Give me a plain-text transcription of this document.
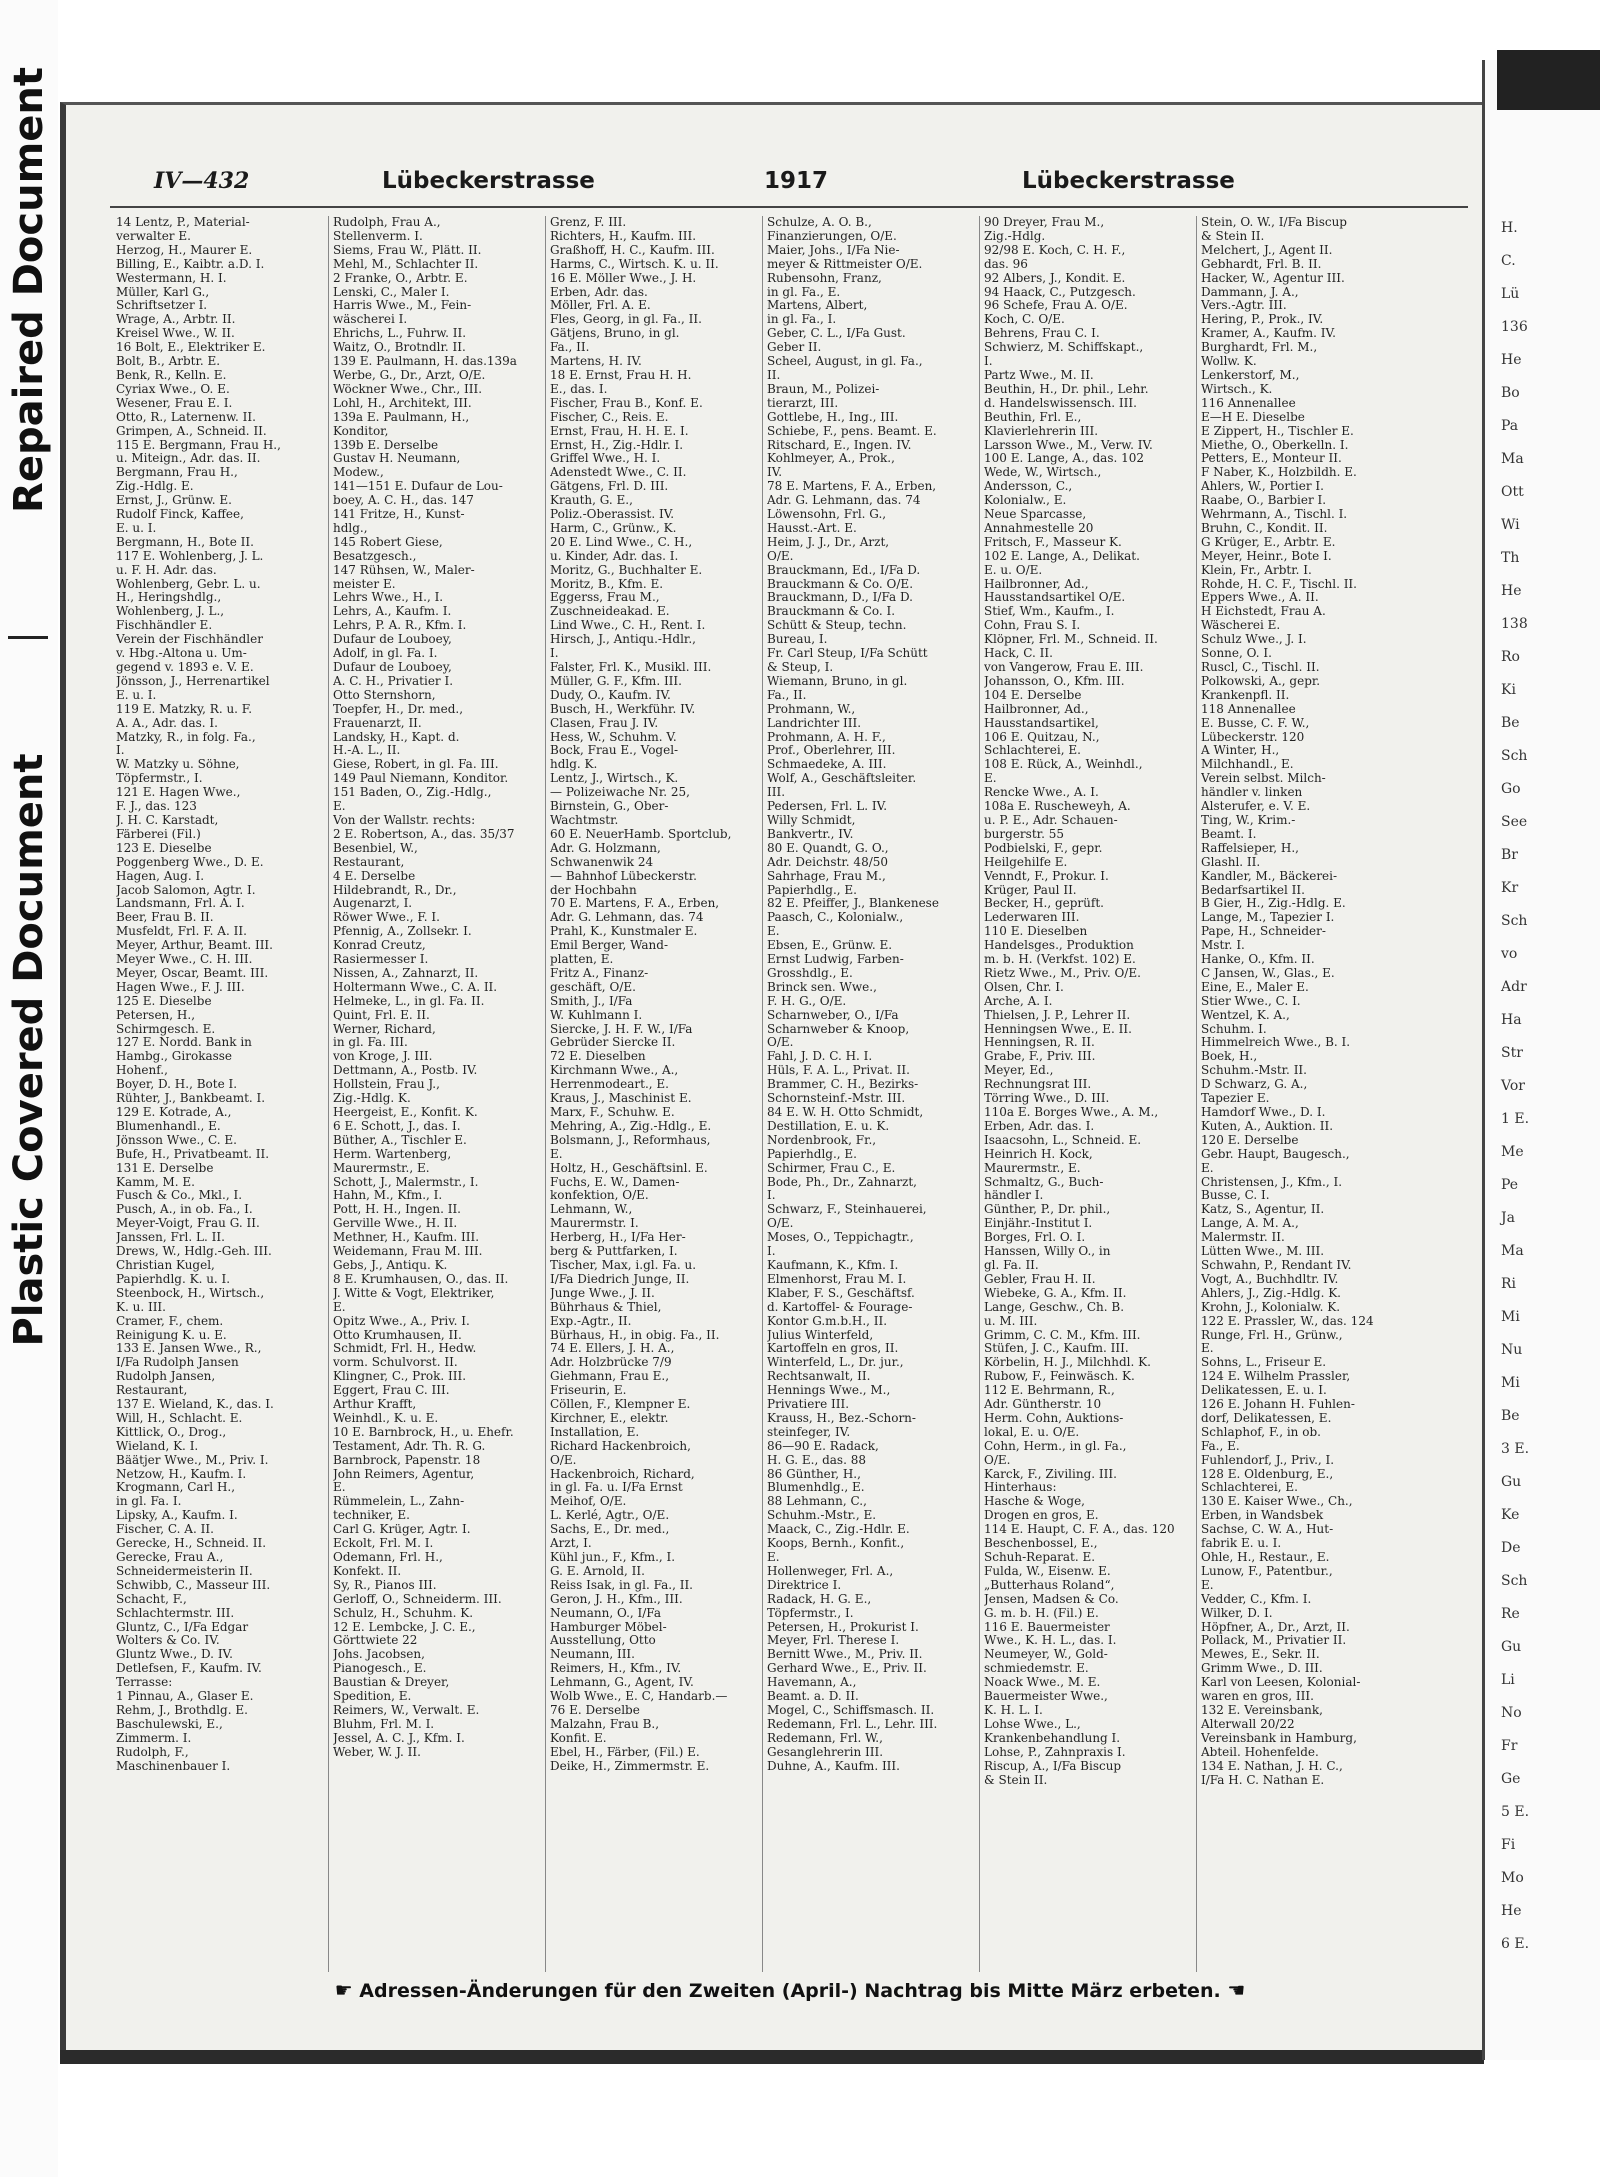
Repaired Document
Plastic Covered Document
H.
C.
Lü
136
He
Bo
Pa
Ma
Ott
Wi
Th
He
138
Ro
Ki
Be
Sch
Go
See
Br
Kr
Sch
vo
Adr
Ha
Str
Vor
1 E.
Me
Pe
Ja
Ma
Ri
Mi
Nu
Mi
Be
3 E.
Gu
Ke
De
Sch
Re
Gu
Li
No
Fr
Ge
5 E.
Fi
Mo
He
6 E.
IV—432	Lübeckerstrasse	1917	Lübeckerstrasse
14 Lentz, P., Material-
verwalter E.
Herzog, H., Maurer E.
Billing, E., Kaibtr. a.D. I.
Westermann, H. I.
Müller, Karl G.,
Schriftsetzer I.
Wrage, A., Arbtr. II.
Kreisel Wwe., W. II.
16 Bolt, E., Elektriker E.
Bolt, B., Arbtr. E.
Benk, R., Kelln. E.
Cyriax Wwe., O. E.
Wesener, Frau E. I.
Otto, R., Laternenw. II.
Grimpen, A., Schneid. II.
115 E. Bergmann, Frau H.,
u. Miteign., Adr. das. II.
Bergmann, Frau H.,
Zig.-Hdlg. E.
Ernst, J., Grünw. E.
Rudolf Finck, Kaffee,
E. u. I.
Bergmann, H., Bote II.
117 E. Wohlenberg, J. L.
u. F. H. Adr. das.
Wohlenberg, Gebr. L. u.
H., Heringshdlg.,
Wohlenberg, J. L.,
Fischhändler E.
Verein der Fischhändler
v. Hbg.-Altona u. Um-
gegend v. 1893 e. V. E.
Jönsson, J., Herrenartikel
E. u. I.
119 E. Matzky, R. u. F.
A. A., Adr. das. I.
Matzky, R., in folg. Fa.,
I.
W. Matzky u. Söhne,
Töpfermstr., I.
121 E. Hagen Wwe.,
F. J., das. 123
J. H. C. Karstadt,
Färberei (Fil.)
123 E. Dieselbe
Poggenberg Wwe., D. E.
Hagen, Aug. I.
Jacob Salomon, Agtr. I.
Landsmann, Frl. A. I.
Beer, Frau B. II.
Musfeldt, Frl. F. A. II.
Meyer, Arthur, Beamt. III.
Meyer Wwe., C. H. III.
Meyer, Oscar, Beamt. III.
Hagen Wwe., F. J. III.
125 E. Dieselbe
Petersen, H.,
Schirmgesch. E.
127 E. Nordd. Bank in
Hambg., Girokasse
Hohenf.,
Boyer, D. H., Bote I.
Rühter, J., Bankbeamt. I.
129 E. Kotrade, A.,
Blumenhandl., E.
Jönsson Wwe., C. E.
Bufe, H., Privatbeamt. II.
131 E. Derselbe
Kamm, M. E.
Fusch & Co., Mkl., I.
Pusch, A., in ob. Fa., I.
Meyer-Voigt, Frau G. II.
Janssen, Frl. L. II.
Drews, W., Hdlg.-Geh. III.
Christian Kugel,
Papierhdlg. K. u. I.
Steenbock, H., Wirtsch.,
K. u. III.
Cramer, F., chem.
Reinigung K. u. E.
133 E. Jansen Wwe., R.,
I/Fa Rudolph Jansen
Rudolph Jansen,
Restaurant,
137 E. Wieland, K., das. I.
Will, H., Schlacht. E.
Kittlick, O., Drog.,
Wieland, K. I.
Bäätjer Wwe., M., Priv. I.
Netzow, H., Kaufm. I.
Krogmann, Carl H.,
in gl. Fa. I.
Lipsky, A., Kaufm. I.
Fischer, C. A. II.
Gerecke, H., Schneid. II.
Gerecke, Frau A.,
Schneidermeisterin II.
Schwibb, C., Masseur III.
Schacht, F.,
Schlachtermstr. III.
Gluntz, C., I/Fa Edgar
Wolters & Co. IV.
Gluntz Wwe., D. IV.
Detlefsen, F., Kaufm. IV.
Terrasse:
1 Pinnau, A., Glaser E.
Rehm, J., Brothdlg. E.
Baschulewski, E.,
Zimmerm. I.
Rudolph, F.,
Maschinenbauer I.
Rudolph, Frau A.,
Stellenverm. I.
Siems, Frau W., Plätt. II.
Mehl, M., Schlachter II.
2 Franke, O., Arbtr. E.
Lenski, C., Maler I.
Harris Wwe., M., Fein-
wäscherei I.
Ehrichs, L., Fuhrw. II.
Waitz, O., Brotndlr. II.
139 E. Paulmann, H. das.139a
Werbe, G., Dr., Arzt, O/E.
Wöckner Wwe., Chr., III.
Lohl, H., Architekt, III.
139a E. Paulmann, H.,
Konditor,
139b E. Derselbe
Gustav H. Neumann,
Modew.,
141—151 E. Dufaur de Lou-
boey, A. C. H., das. 147
141 Fritze, H., Kunst-
hdlg.,
145 Robert Giese,
Besatzgesch.,
147 Rühsen, W., Maler-
meister E.
Lehrs Wwe., H., I.
Lehrs, A., Kaufm. I.
Lehrs, P. A. R., Kfm. I.
Dufaur de Louboey,
Adolf, in gl. Fa. I.
Dufaur de Louboey,
A. C. H., Privatier I.
Otto Sternshorn,
Toepfer, H., Dr. med.,
Frauenarzt, II.
Landsky, H., Kapt. d.
H.-A. L., II.
Giese, Robert, in gl. Fa. III.
149 Paul Niemann, Konditor.
151 Baden, O., Zig.-Hdlg.,
E.
Von der Wallstr. rechts:
2 E. Robertson, A., das. 35/37
Besenbiel, W.,
Restaurant,
4 E. Derselbe
Hildebrandt, R., Dr.,
Augenarzt, I.
Röwer Wwe., F. I.
Pfennig, A., Zollsekr. I.
Konrad Creutz,
Rasiermesser I.
Nissen, A., Zahnarzt, II.
Holtermann Wwe., C. A. II.
Helmeke, L., in gl. Fa. II.
Quint, Frl. E. II.
Werner, Richard,
in gl. Fa. III.
von Kroge, J. III.
Dettmann, A., Postb. IV.
Hollstein, Frau J.,
Zig.-Hdlg. K.
Heergeist, E., Konfit. K.
6 E. Schott, J., das. I.
Büther, A., Tischler E.
Herm. Wartenberg,
Maurermstr., E.
Schott, J., Malermstr., I.
Hahn, M., Kfm., I.
Pott, H. H., Ingen. II.
Gerville Wwe., H. II.
Methner, H., Kaufm. III.
Weidemann, Frau M. III.
Gebs, J., Antiqu. K.
8 E. Krumhausen, O., das. II.
J. Witte & Vogt, Elektriker,
E.
Opitz Wwe., A., Priv. I.
Otto Krumhausen, II.
Schmidt, Frl. H., Hedw.
vorm. Schulvorst. II.
Klingner, C., Prok. III.
Eggert, Frau C. III.
Arthur Krafft,
Weinhdl., K. u. E.
10 E. Barnbrock, H., u. Ehefr.
Testament, Adr. Th. R. G.
Barnbrock, Papenstr. 18
John Reimers, Agentur,
E.
Rümmelein, L., Zahn-
techniker, E.
Carl G. Krüger, Agtr. I.
Eckolt, Frl. M. I.
Odemann, Frl. H.,
Konfekt. II.
Sy, R., Pianos III.
Gerloff, O., Schneiderm. III.
Schulz, H., Schuhm. K.
12 E. Lembcke, J. C. E.,
Görttwiete 22
Johs. Jacobsen,
Pianogesch., E.
Baustian & Dreyer,
Spedition, E.
Reimers, W., Verwalt. E.
Bluhm, Frl. M. I.
Jessel, A. C. J., Kfm. I.
Weber, W. J. II.
Grenz, F. III.
Richters, H., Kaufm. III.
Graßhoff, H. C., Kaufm. III.
Harms, C., Wirtsch. K. u. II.
16 E. Möller Wwe., J. H.
Erben, Adr. das.
Möller, Frl. A. E.
Fles, Georg, in gl. Fa., II.
Gätjens, Bruno, in gl.
Fa., II.
Martens, H. IV.
18 E. Ernst, Frau H. H.
E., das. I.
Fischer, Frau B., Konf. E.
Fischer, C., Reis. E.
Ernst, Frau, H. H. E. I.
Ernst, H., Zig.-Hdlr. I.
Griffel Wwe., H. I.
Adenstedt Wwe., C. II.
Gätgens, Frl. D. III.
Krauth, G. E.,
Poliz.-Oberassist. IV.
Harm, C., Grünw., K.
20 E. Lind Wwe., C. H.,
u. Kinder, Adr. das. I.
Moritz, G., Buchhalter E.
Moritz, B., Kfm. E.
Eggerss, Frau M.,
Zuschneideakad. E.
Lind Wwe., C. H., Rent. I.
Hirsch, J., Antiqu.-Hdlr.,
I.
Falster, Frl. K., Musikl. III.
Müller, G. F., Kfm. III.
Dudy, O., Kaufm. IV.
Busch, H., Werkführ. IV.
Clasen, Frau J. IV.
Hess, W., Schuhm. V.
Bock, Frau E., Vogel-
hdlg. K.
Lentz, J., Wirtsch., K.
— Polizeiwache Nr. 25,
Birnstein, G., Ober-
Wachtmstr.
60 E. NeuerHamb. Sportclub,
Adr. G. Holzmann,
Schwanenwik 24
— Bahnhof Lübeckerstr.
der Hochbahn
70 E. Martens, F. A., Erben,
Adr. G. Lehmann, das. 74
Prahl, K., Kunstmaler E.
Emil Berger, Wand-
platten, E.
Fritz A., Finanz-
geschäft, O/E.
Smith, J., I/Fa
W. Kuhlmann I.
Siercke, J. H. F. W., I/Fa
Gebrüder Siercke II.
72 E. Dieselben
Kirchmann Wwe., A.,
Herrenmodeart., E.
Kraus, J., Maschinist E.
Marx, F., Schuhw. E.
Mehring, A., Zig.-Hdlg., E.
Bolsmann, J., Reformhaus,
E.
Holtz, H., Geschäftsinl. E.
Fuchs, E. W., Damen-
konfektion, O/E.
Lehmann, W.,
Maurermstr. I.
Herberg, H., I/Fa Her-
berg & Puttfarken, I.
Tischer, Max, i.gl. Fa. u.
I/Fa Diedrich Junge, II.
Junge Wwe., J. II.
Bührhaus & Thiel,
Exp.-Agtr., II.
Bürhaus, H., in obig. Fa., II.
74 E. Ellers, J. H. A.,
Adr. Holzbrücke 7/9
Giehmann, Frau E.,
Friseurin, E.
Cöllen, F., Klempner E.
Kirchner, E., elektr.
Installation, E.
Richard Hackenbroich,
O/E.
Hackenbroich, Richard,
in gl. Fa. u. I/Fa Ernst
Meihof, O/E.
L. Kerlé, Agtr., O/E.
Sachs, E., Dr. med.,
Arzt, I.
Kühl jun., F., Kfm., I.
G. E. Arnold, II.
Reiss Isak, in gl. Fa., II.
Geron, J. H., Kfm., III.
Neumann, O., I/Fa
Hamburger Möbel-
Ausstellung, Otto
Neumann, III.
Reimers, H., Kfm., IV.
Lehmann, G., Agent, IV.
Wolb Wwe., E. C, Handarb.—
76 E. Derselbe
Malzahn, Frau B.,
Konfit. E.
Ebel, H., Färber, (Fil.) E.
Deike, H., Zimmermstr. E.
Schulze, A. O. B.,
Finanzierungen, O/E.
Maier, Johs., I/Fa Nie-
meyer & Rittmeister O/E.
Rubensohn, Franz,
in gl. Fa., E.
Martens, Albert,
in gl. Fa., I.
Geber, C. L., I/Fa Gust.
Geber II.
Scheel, August, in gl. Fa.,
II.
Braun, M., Polizei-
tierarzt, III.
Gottlebe, H., Ing., III.
Schiebe, F., pens. Beamt. E.
Ritschard, E., Ingen. IV.
Kohlmeyer, A., Prok.,
IV.
78 E. Martens, F. A., Erben,
Adr. G. Lehmann, das. 74
Löwensohn, Frl. G.,
Hausst.-Art. E.
Heim, J. J., Dr., Arzt,
O/E.
Brauckmann, Ed., I/Fa D.
Brauckmann & Co. O/E.
Brauckmann, D., I/Fa D.
Brauckmann & Co. I.
Schütt & Steup, techn.
Bureau, I.
Fr. Carl Steup, I/Fa Schütt
& Steup, I.
Wiemann, Bruno, in gl.
Fa., II.
Prohmann, W.,
Landrichter III.
Prohmann, A. H. F.,
Prof., Oberlehrer, III.
Schmaedeke, A. III.
Wolf, A., Geschäftsleiter.
III.
Pedersen, Frl. L. IV.
Willy Schmidt,
Bankvertr., IV.
80 E. Quandt, G. O.,
Adr. Deichstr. 48/50
Sahrhage, Frau M.,
Papierhdlg., E.
82 E. Pfeiffer, J., Blankenese
Paasch, C., Kolonialw.,
E.
Ebsen, E., Grünw. E.
Ernst Ludwig, Farben-
Grosshdlg., E.
Brinck sen. Wwe.,
F. H. G., O/E.
Scharnweber, O., I/Fa
Scharnweber & Knoop,
O/E.
Fahl, J. D. C. H. I.
Hüls, F. A. L., Privat. II.
Brammer, C. H., Bezirks-
Schornsteinf.-Mstr. III.
84 E. W. H. Otto Schmidt,
Destillation, E. u. K.
Nordenbrook, Fr.,
Papierhdlg., E.
Schirmer, Frau C., E.
Bode, Ph., Dr., Zahnarzt,
I.
Schwarz, F., Steinhauerei,
O/E.
Moses, O., Teppichagtr.,
I.
Kaufmann, K., Kfm. I.
Elmenhorst, Frau M. I.
Klaber, F. S., Geschäftsf.
d. Kartoffel- & Fourage-
Kontor G.m.b.H., II.
Julius Winterfeld,
Kartoffeln en gros, II.
Winterfeld, L., Dr. jur.,
Rechtsanwalt, II.
Hennings Wwe., M.,
Privatiere III.
Krauss, H., Bez.-Schorn-
steinfeger, IV.
86—90 E. Radack,
H. G. E., das. 88
86 Günther, H.,
Blumenhdlg., E.
88 Lehmann, C.,
Schuhm.-Mstr., E.
Maack, C., Zig.-Hdlr. E.
Koops, Bernh., Konfit.,
E.
Hollenweger, Frl. A.,
Direktrice I.
Radack, H. G. E.,
Töpfermstr., I.
Petersen, H., Prokurist I.
Meyer, Frl. Therese I.
Bernitt Wwe., M., Priv. II.
Gerhard Wwe., E., Priv. II.
Havemann, A.,
Beamt. a. D. II.
Mogel, C., Schiffsmasch. II.
Redemann, Frl. L., Lehr. III.
Redemann, Frl. W.,
Gesanglehrerin III.
Duhne, A., Kaufm. III.
90 Dreyer, Frau M.,
Zig.-Hdlg.
92/98 E. Koch, C. H. F.,
das. 96
92 Albers, J., Kondit. E.
94 Haack, C., Putzgesch.
96 Schefe, Frau A. O/E.
Koch, C. O/E.
Behrens, Frau C. I.
Schwierz, M. Schiffskapt.,
I.
Partz Wwe., M. II.
Beuthin, H., Dr. phil., Lehr.
d. Handelswissensch. III.
Beuthin, Frl. E.,
Klavierlehrerin III.
Larsson Wwe., M., Verw. IV.
100 E. Lange, A., das. 102
Wede, W., Wirtsch.,
Andersson, C.,
Kolonialw., E.
Neue Sparcasse,
Annahmestelle 20
Fritsch, F., Masseur K.
102 E. Lange, A., Delikat.
E. u. O/E.
Hailbronner, Ad.,
Hausstandsartikel O/E.
Stief, Wm., Kaufm., I.
Cohn, Frau S. I.
Klöpner, Frl. M., Schneid. II.
Hack, C. II.
von Vangerow, Frau E. III.
Johansson, O., Kfm. III.
104 E. Derselbe
Hailbronner, Ad.,
Hausstandsartikel,
106 E. Quitzau, N.,
Schlachterei, E.
108 E. Rück, A., Weinhdl.,
E.
Rencke Wwe., A. I.
108a E. Ruscheweyh, A.
u. P. E., Adr. Schauen-
burgerstr. 55
Podbielski, F., gepr.
Heilgehilfe E.
Venndt, F., Prokur. I.
Krüger, Paul II.
Becker, H., geprüft.
Lederwaren III.
110 E. Dieselben
Handelsges., Produktion
m. b. H. (Verkfst. 102) E.
Rietz Wwe., M., Priv. O/E.
Olsen, Chr. I.
Arche, A. I.
Thielsen, J. P., Lehrer II.
Henningsen Wwe., E. II.
Henningsen, R. II.
Grabe, F., Priv. III.
Meyer, Ed.,
Rechnungsrat III.
Törring Wwe., D. III.
110a E. Borges Wwe., A. M.,
Erben, Adr. das. I.
Isaacsohn, L., Schneid. E.
Heinrich H. Kock,
Maurermstr., E.
Schmaltz, G., Buch-
händler I.
Günther, P., Dr. phil.,
Einjähr.-Institut I.
Borges, Frl. O. I.
Hanssen, Willy O., in
gl. Fa. II.
Gebler, Frau H. II.
Wiebeke, G. A., Kfm. II.
Lange, Geschw., Ch. B.
u. M. III.
Grimm, C. C. M., Kfm. III.
Stüfen, J. C., Kaufm. III.
Körbelin, H. J., Milchhdl. K.
Rubow, F., Feinwäsch. K.
112 E. Behrmann, R.,
Adr. Güntherstr. 10
Herm. Cohn, Auktions-
lokal, E. u. O/E.
Cohn, Herm., in gl. Fa.,
O/E.
Karck, F., Ziviling. III.
Hinterhaus:
Hasche & Woge,
Drogen en gros, E.
114 E. Haupt, C. F. A., das. 120
Beschenbossel, E.,
Schuh-Reparat. E.
Fulda, W., Eisenw. E.
„Butterhaus Roland“,
Jensen, Madsen & Co.
G. m. b. H. (Fil.) E.
116 E. Bauermeister
Wwe., K. H. L., das. I.
Neumeyer, W., Gold-
schmiedemstr. E.
Noack Wwe., M. E.
Bauermeister Wwe.,
K. H. L. I.
Lohse Wwe., L.,
Krankenbehandlung I.
Lohse, P., Zahnpraxis I.
Riscup, A., I/Fa Biscup
& Stein II.
Stein, O. W., I/Fa Biscup
& Stein II.
Melchert, J., Agent II.
Gebhardt, Frl. B. II.
Hacker, W., Agentur III.
Dammann, J. A.,
Vers.-Agtr. III.
Hering, P., Prok., IV.
Kramer, A., Kaufm. IV.
Burghardt, Frl. M.,
Wollw. K.
Lenkerstorf, M.,
Wirtsch., K.
116 Annenallee
E—H E. Dieselbe
E Zippert, H., Tischler E.
Miethe, O., Oberkelln. I.
Petters, E., Monteur II.
F Naber, K., Holzbildh. E.
Ahlers, W., Portier I.
Raabe, O., Barbier I.
Wehrmann, A., Tischl. I.
Bruhn, C., Kondit. II.
G Krüger, E., Arbtr. E.
Meyer, Heinr., Bote I.
Klein, Fr., Arbtr. I.
Rohde, H. C. F., Tischl. II.
Eppers Wwe., A. II.
H Eichstedt, Frau A.
Wäscherei E.
Schulz Wwe., J. I.
Sonne, O. I.
Ruscl, C., Tischl. II.
Polkowski, A., gepr.
Krankenpfl. II.
118 Annenallee
E. Busse, C. F. W.,
Lübeckerstr. 120
A Winter, H.,
Milchhandl., E.
Verein selbst. Milch-
händler v. linken
Alsterufer, e. V. E.
Ting, W., Krim.-
Beamt. I.
Raffelsieper, H.,
Glashl. II.
Kandler, M., Bäckerei-
Bedarfsartikel II.
B Gier, H., Zig.-Hdlg. E.
Lange, M., Tapezier I.
Pape, H., Schneider-
Mstr. I.
Hanke, O., Kfm. II.
C Jansen, W., Glas., E.
Eine, E., Maler E.
Stier Wwe., C. I.
Wentzel, K. A.,
Schuhm. I.
Himmelreich Wwe., B. I.
Boek, H.,
Schuhm.-Mstr. II.
D Schwarz, G. A.,
Tapezier E.
Hamdorf Wwe., D. I.
Kuten, A., Auktion. II.
120 E. Derselbe
Gebr. Haupt, Baugesch.,
E.
Christensen, J., Kfm., I.
Busse, C. I.
Katz, S., Agentur, II.
Lange, A. M. A.,
Malermstr. II.
Lütten Wwe., M. III.
Schwahn, P., Rendant IV.
Vogt, A., Buchhdltr. IV.
Ahlers, J., Zig.-Hdlg. K.
Krohn, J., Kolonialw. K.
122 E. Prassler, W., das. 124
Runge, Frl. H., Grünw.,
E.
Sohns, L., Friseur E.
124 E. Wilhelm Prassler,
Delikatessen, E. u. I.
126 E. Johann H. Fuhlen-
dorf, Delikatessen, E.
Schlaphof, F., in ob.
Fa., E.
Fuhlendorf, J., Priv., I.
128 E. Oldenburg, E.,
Schlachterei, E.
130 E. Kaiser Wwe., Ch.,
Erben, in Wandsbek
Sachse, C. W. A., Hut-
fabrik E. u. I.
Ohle, H., Restaur., E.
Lunow, F., Patentbur.,
E.
Vedder, C., Kfm. I.
Wilker, D. I.
Höpfner, A., Dr., Arzt, II.
Pollack, M., Privatier II.
Mewes, E., Sekr. II.
Grimm Wwe., D. III.
Karl von Leesen, Kolonial-
waren en gros, III.
132 E. Vereinsbank,
Alterwall 20/22
Vereinsbank in Hamburg,
Abteil. Hohenfelde.
134 E. Nathan, J. H. C.,
I/Fa H. C. Nathan E.
☛ Adressen-Änderungen für den Zweiten (April-) Nachtrag bis Mitte März erbeten. ☚
